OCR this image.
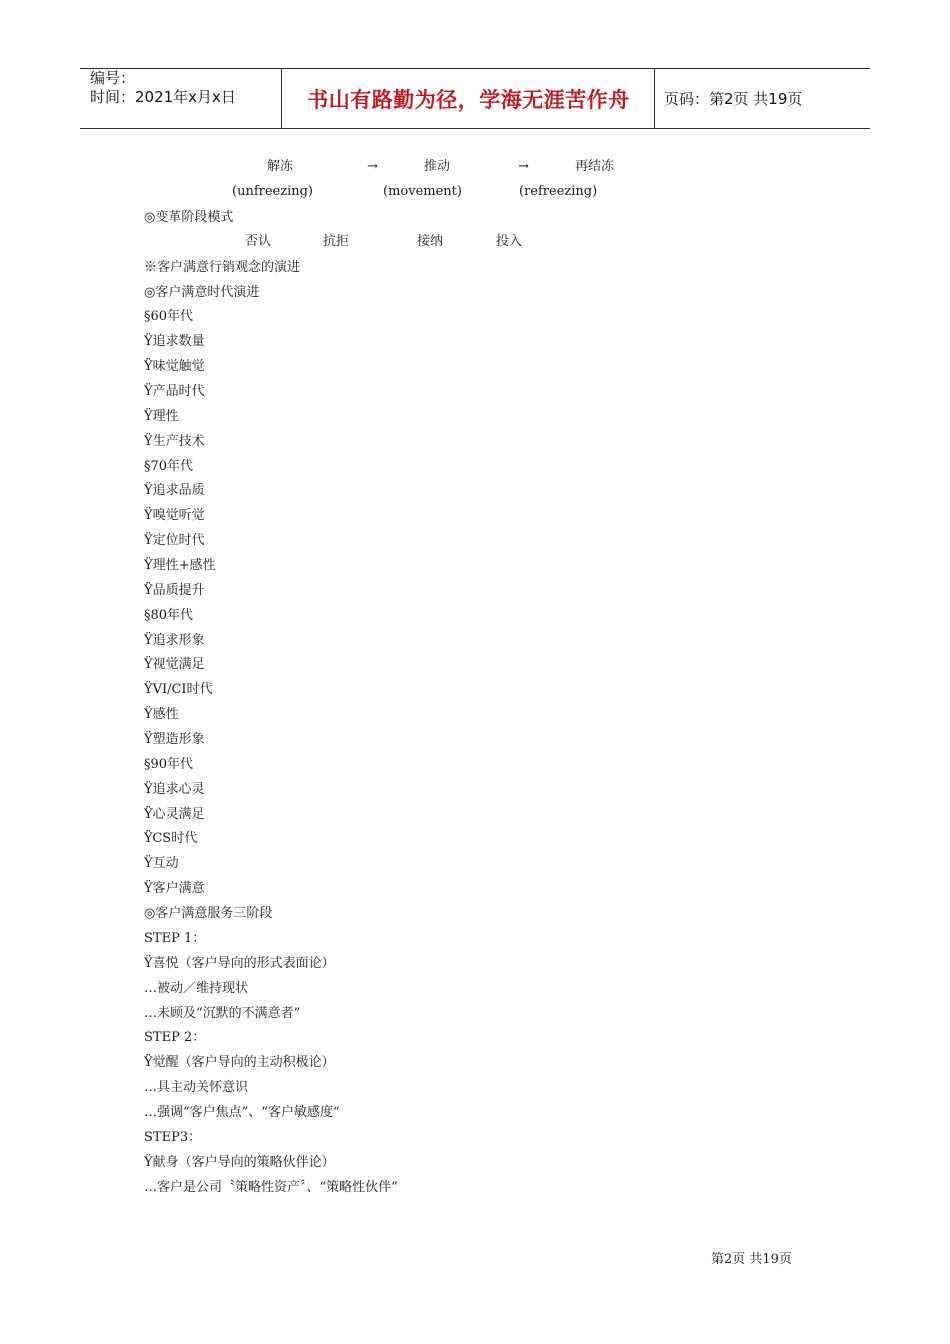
编号：
时间：2021年x月x日	书山有路勤为径，学海无涯苦作舟	页码：第2页 共19页
解冻	→	推动	→	再结冻
(unfreezing)	(movement)	(refreezing)
否认	抗拒	接纳	投入
◎变革阶段模式
※客户满意行销观念的演进
◎客户满意时代演进
§60年代
Ÿ追求数量
Ÿ味觉触觉
Ÿ产品时代
Ÿ理性
Ÿ生产技术
§70年代
Ÿ追求品质
Ÿ嗅觉听觉
Ÿ定位时代
Ÿ理性+感性
Ÿ品质提升
§80年代
Ÿ追求形象
Ÿ视觉满足
ŸVI/CI时代
Ÿ感性
Ÿ塑造形象
§90年代
Ÿ追求心灵
Ÿ心灵满足
ŸCS时代
Ÿ互动
Ÿ客户满意
◎客户满意服务三阶段
STEP 1：
Ÿ喜悦（客户导向的形式表面论）
…被动／维持现状
…未顾及“沉默的不满意者”
STEP 2：
Ÿ觉醒（客户导向的主动积极论）
…具主动关怀意识
…强调“客户焦点”、“客户敏感度“
STEP3：
Ÿ献身（客户导向的策略伙伴论）
…客户是公司〝策略性资产〞、“策略性伙伴”
第2页 共19页
